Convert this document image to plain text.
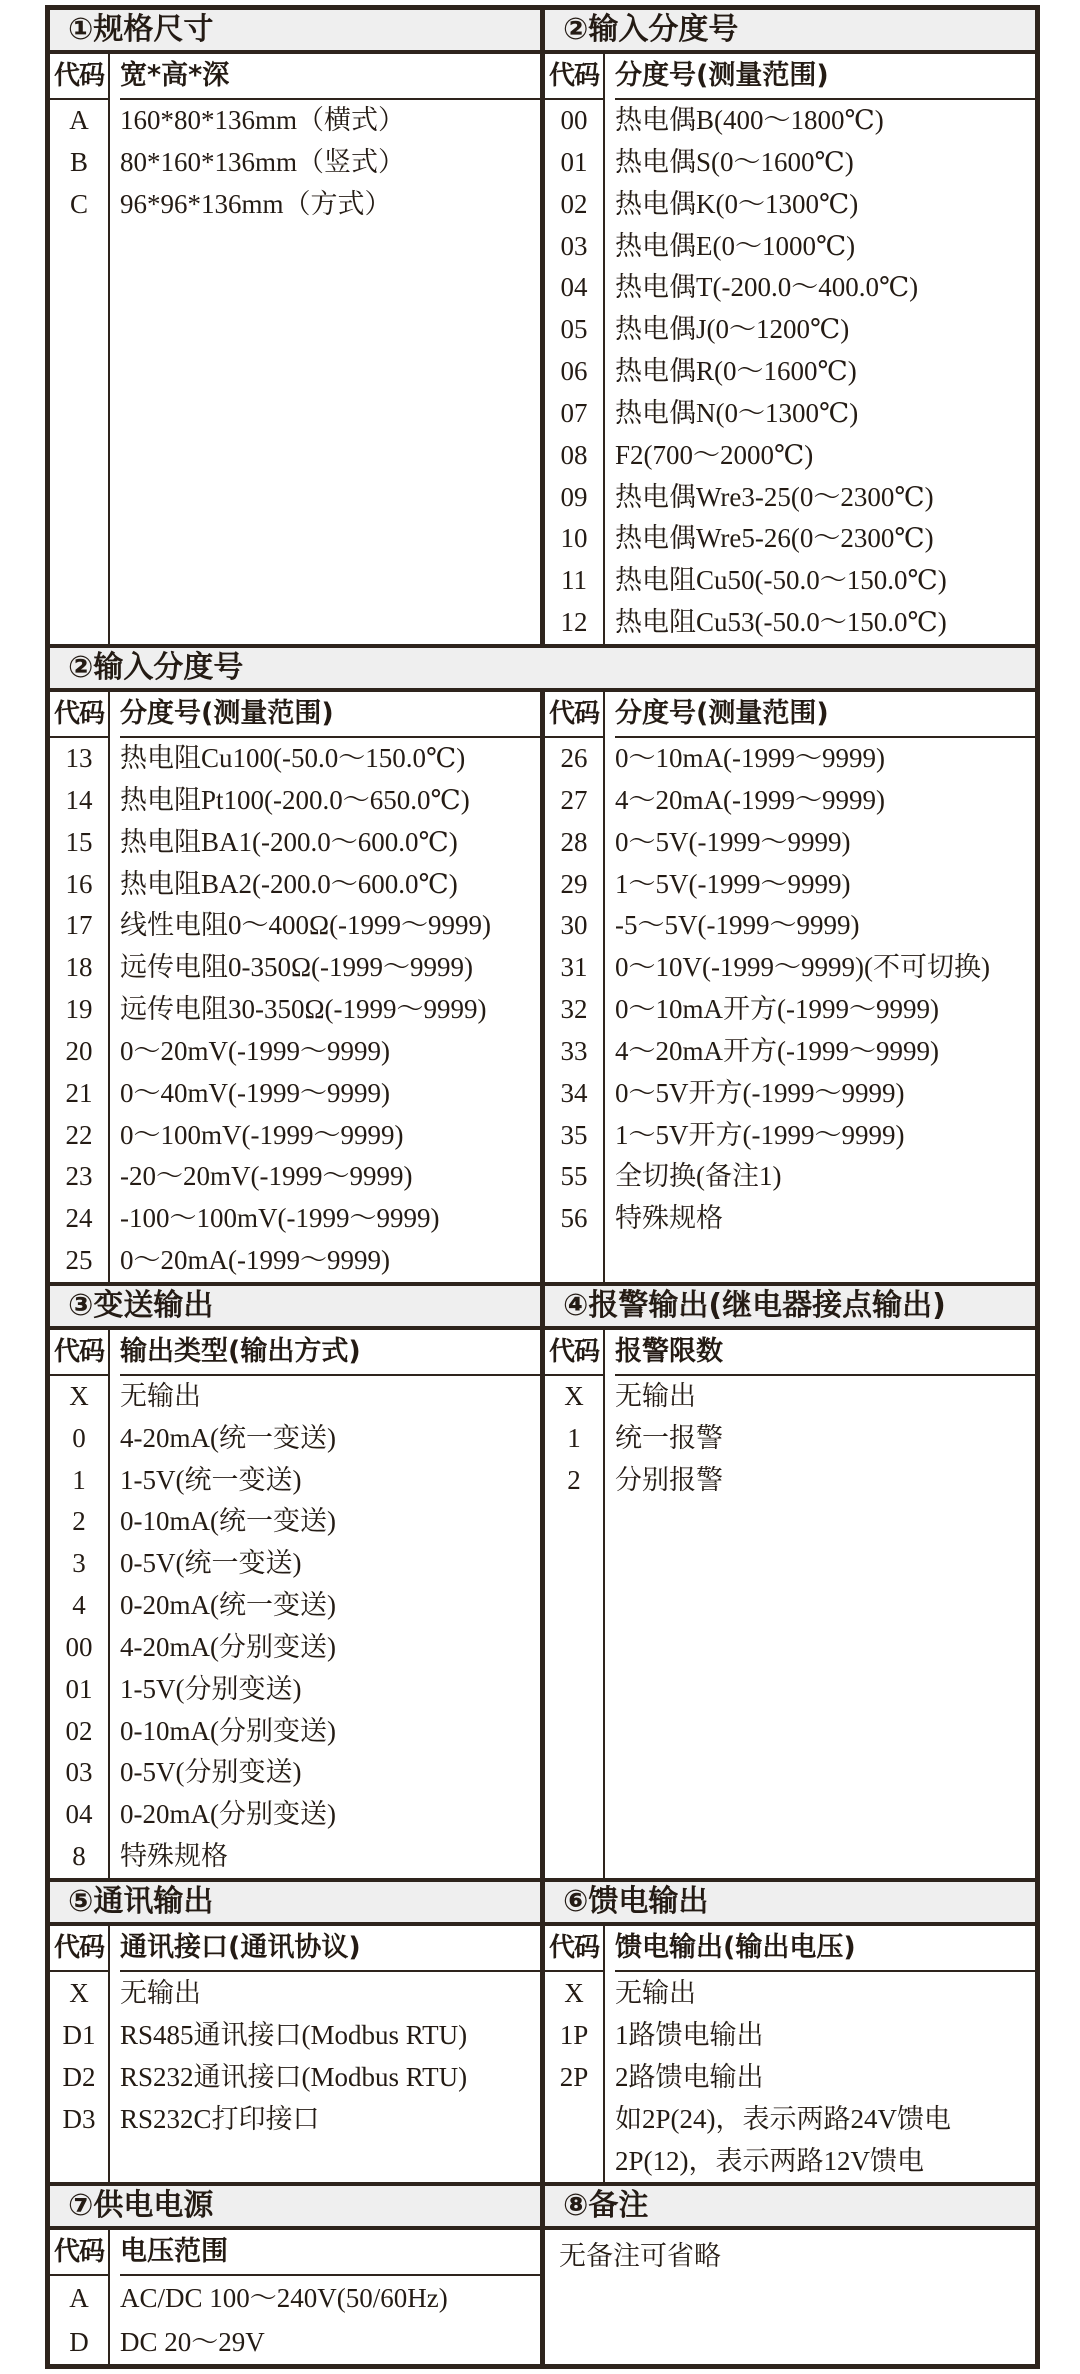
①规格尺寸
代码
A
B
C
宽*高*深
160*80*136mm（横式）
80*160*136mm（竖式）
96*96*136mm（方式）
②输入分度号
代码
00
01
02
03
04
05
06
07
08
09
10
11
12
分度号(测量范围)
热电偶B(400～1800℃)
热电偶S(0～1600℃)
热电偶K(0～1300℃)
热电偶E(0～1000℃)
热电偶T(-200.0～400.0℃)
热电偶J(0～1200℃)
热电偶R(0～1600℃)
热电偶N(0～1300℃)
F2(700～2000℃)
热电偶Wre3-25(0～2300℃)
热电偶Wre5-26(0～2300℃)
热电阻Cu50(-50.0～150.0℃)
热电阻Cu53(-50.0～150.0℃)
②输入分度号
代码
13
14
15
16
17
18
19
20
21
22
23
24
25
分度号(测量范围)
热电阻Cu100(-50.0～150.0℃)
热电阻Pt100(-200.0～650.0℃)
热电阻BA1(-200.0～600.0℃)
热电阻BA2(-200.0～600.0℃)
线性电阻0～400Ω(-1999～9999)
远传电阻0-350Ω(-1999～9999)
远传电阻30-350Ω(-1999～9999)
0～20mV(-1999～9999)
0～40mV(-1999～9999)
0～100mV(-1999～9999)
-20～20mV(-1999～9999)
-100～100mV(-1999～9999)
0～20mA(-1999～9999)
代码
26
27
28
29
30
31
32
33
34
35
55
56
分度号(测量范围)
0～10mA(-1999～9999)
4～20mA(-1999～9999)
0～5V(-1999～9999)
1～5V(-1999～9999)
-5～5V(-1999～9999)
0～10V(-1999～9999)(不可切换)
0～10mA开方(-1999～9999)
4～20mA开方(-1999～9999)
0～5V开方(-1999～9999)
1～5V开方(-1999～9999)
全切换(备注1)
特殊规格
③变送输出
代码
X
0
1
2
3
4
00
01
02
03
04
8
输出类型(输出方式)
无输出
4-20mA(统一变送)
1-5V(统一变送)
0-10mA(统一变送)
0-5V(统一变送)
0-20mA(统一变送)
4-20mA(分别变送)
1-5V(分别变送)
0-10mA(分别变送)
0-5V(分别变送)
0-20mA(分别变送)
特殊规格
④报警输出(继电器接点输出)
代码
X
1
2
报警限数
无输出
统一报警
分别报警
⑤通讯输出
代码
X
D1
D2
D3
通讯接口(通讯协议)
无输出
RS485通讯接口(Modbus RTU)
RS232通讯接口(Modbus RTU)
RS232C打印接口
⑥馈电输出
代码
X
1P
2P
馈电输出(输出电压)
无输出
1路馈电输出
2路馈电输出
如2P(24)，表示两路24V馈电
2P(12)，表示两路12V馈电
⑦供电电源
代码
A
D
电压范围
AC/DC 100～240V(50/60Hz)
DC 20～29V
⑧备注
无备注可省略
